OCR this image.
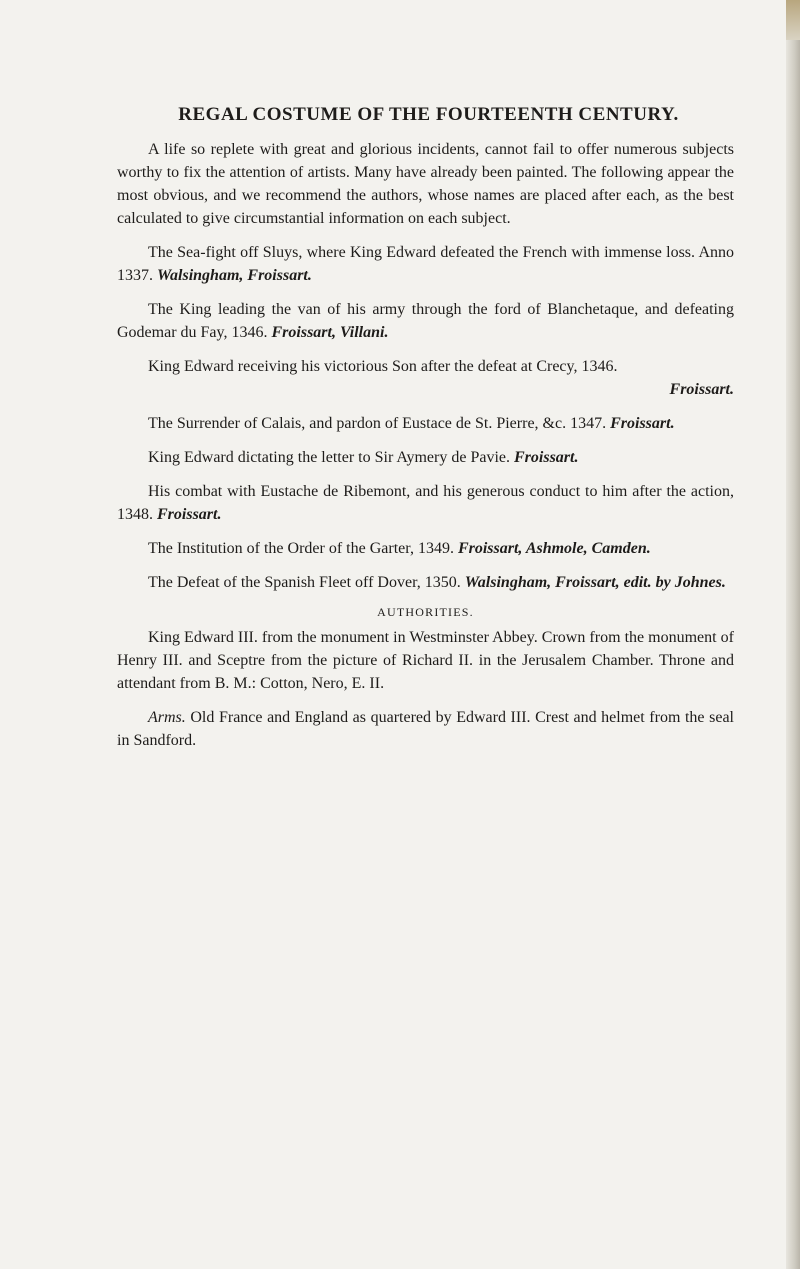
REGAL COSTUME OF THE FOURTEENTH CENTURY.

A life so replete with great and glorious incidents, cannot fail to offer numerous subjects worthy to fix the attention of artists. Many have already been painted. The following appear the most obvious, and we recommend the authors, whose names are placed after each, as the best calculated to give circumstantial information on each subject.

The Sea-fight off Sluys, where King Edward defeated the French with immense loss. Anno 1337. Walsingham, Froissart.

The King leading the van of his army through the ford of Blanchetaque, and defeating Godemar du Fay, 1346. Froissart, Villani.

King Edward receiving his victorious Son after the defeat at Crecy, 1346.

Froissart.

The Surrender of Calais, and pardon of Eustace de St. Pierre, &c. 1347. Froissart.

King Edward dictating the letter to Sir Aymery de Pavie. Froissart.

His combat with Eustache de Ribemont, and his generous conduct to him after the action, 1348. Froissart.

The Institution of the Order of the Garter, 1349. Froissart, Ashmole, Camden.

The Defeat of the Spanish Fleet off Dover, 1350. Walsingham, Froissart, edit. by Johnes.

AUTHORITIES.

King Edward III. from the monument in Westminster Abbey. Crown from the monument of Henry III. and Sceptre from the picture of Richard II. in the Jerusalem Chamber. Throne and attendant from B. M.: Cotton, Nero, E. II.

Arms. Old France and England as quartered by Edward III. Crest and helmet from the seal in Sandford.
